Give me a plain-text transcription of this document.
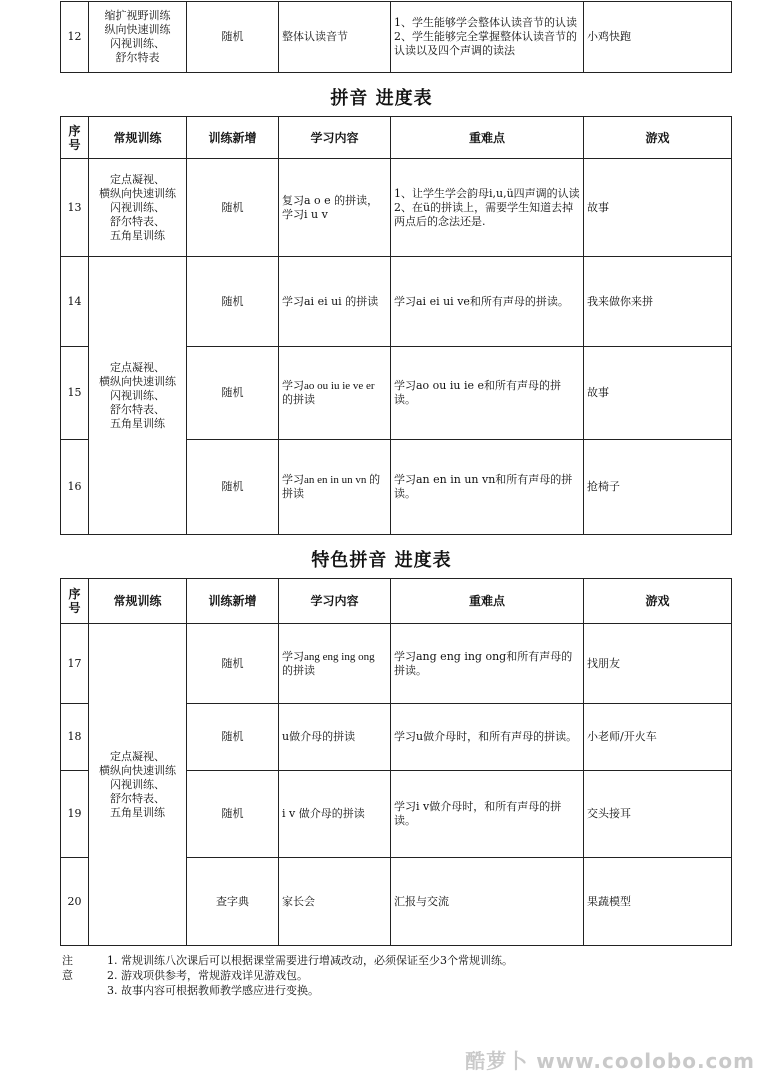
12	缩扩视野训练
纵向快速训练
闪视训练、
舒尔特表	随机	整体认读音节	1、学生能够学会整体认读音节的认读 2、学生能够完全掌握整体认读音节的认读以及四个声调的读法	小鸡快跑
拼音 进度表
序号	常规训练	训练新增	学习内容	重难点	游戏
13	定点凝视、
横纵向快速训练
闪视训练、
舒尔特表、
五角星训练	随机	复习a o e 的拼读，学习i u v	1、让学生学会韵母i,u,ü四声调的认读
2、在ü的拼读上，需要学生知道去掉两点后的念法还是.	故事
14	定点凝视、
横纵向快速训练
闪视训练、
舒尔特表、
五角星训练	随机	学习ai ei ui 的拼读	学习ai ei ui ve和所有声母的拼读。	我来做你来拼
15		随机	学习ao ou iu ie ve er 的拼读	学习ao ou iu ie e和所有声母的拼读。	故事
16		随机	学习an en in un vn 的拼读	学习an en in un vn和所有声母的拼读。	抢椅子
特色拼音 进度表
序号	常规训练	训练新增	学习内容	重难点	游戏
17	定点凝视、
横纵向快速训练
闪视训练、
舒尔特表、
五角星训练	随机	学习ang eng ing ong 的拼读	学习ang eng ing ong和所有声母的拼读。	找朋友
18		随机	u做介母的拼读	学习u做介母时，和所有声母的拼读。	小老师/开火车
19		随机	i v 做介母的拼读	学习i v做介母时，和所有声母的拼读。	交头接耳
20		查字典	家长会	汇报与交流	果蔬模型
注意
1. 常规训练八次课后可以根据课堂需要进行增减改动，必须保证至少3个常规训练。
2. 游戏项供参考，常规游戏详见游戏包。
3. 故事内容可根据教师教学感应进行变换。
酷萝卜 www.coolobo.com
